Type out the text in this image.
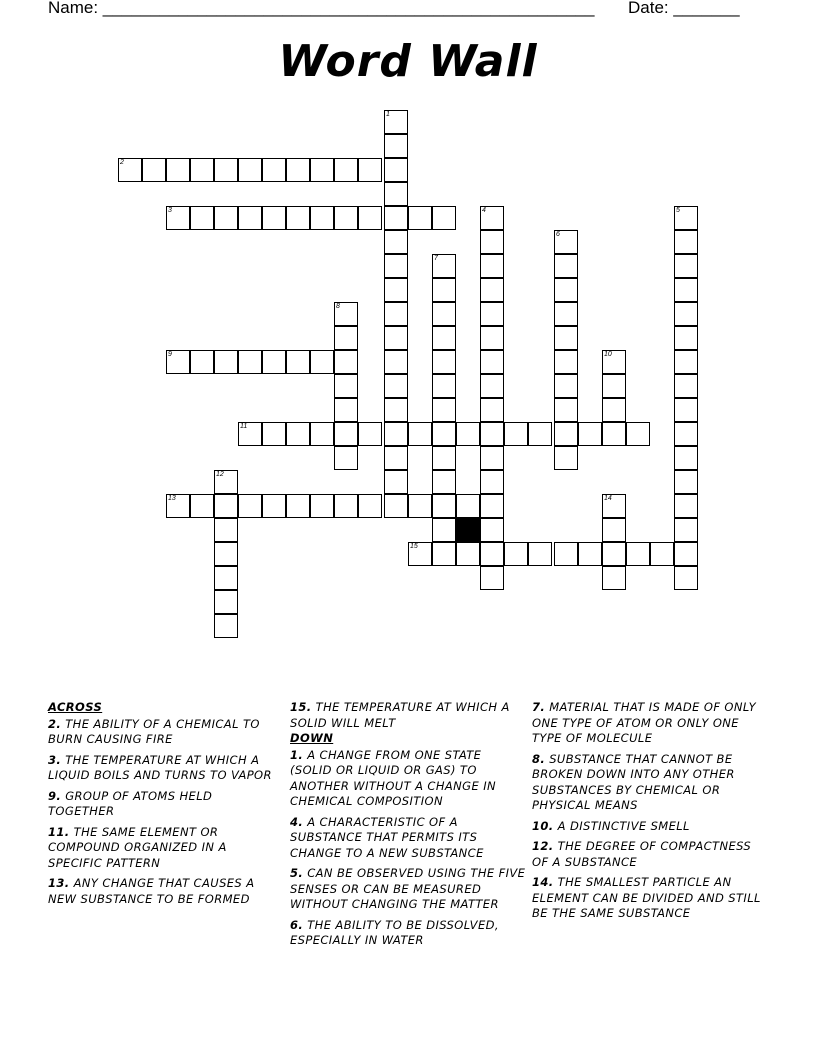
Name: ____________________________________________________ Date: _______
Word Wall
1
2
3	4	5
6
7
8
9	10
11
12
13	14
15
ACROSS
2. THE ABILITY OF A CHEMICAL TO BURN CAUSING FIRE
3. THE TEMPERATURE AT WHICH A LIQUID BOILS AND TURNS TO VAPOR
9. GROUP OF ATOMS HELD TOGETHER
11. THE SAME ELEMENT OR COMPOUND ORGANIZED IN A SPECIFIC PATTERN
13. ANY CHANGE THAT CAUSES A NEW SUBSTANCE TO BE FORMED
15. THE TEMPERATURE AT WHICH A SOLID WILL MELT
DOWN
1. A CHANGE FROM ONE STATE (SOLID OR LIQUID OR GAS) TO ANOTHER WITHOUT A CHANGE IN CHEMICAL COMPOSITION
4. A CHARACTERISTIC OF A SUBSTANCE THAT PERMITS ITS CHANGE TO A NEW SUBSTANCE
5. CAN BE OBSERVED USING THE FIVE SENSES OR CAN BE MEASURED WITHOUT CHANGING THE MATTER
6. THE ABILITY TO BE DISSOLVED, ESPECIALLY IN WATER
7. MATERIAL THAT IS MADE OF ONLY ONE TYPE OF ATOM OR ONLY ONE TYPE OF MOLECULE
8. SUBSTANCE THAT CANNOT BE BROKEN DOWN INTO ANY OTHER SUBSTANCES BY CHEMICAL OR PHYSICAL MEANS
10. A DISTINCTIVE SMELL
12. THE DEGREE OF COMPACTNESS OF A SUBSTANCE
14. THE SMALLEST PARTICLE AN ELEMENT CAN BE DIVIDED AND STILL BE THE SAME SUBSTANCE
